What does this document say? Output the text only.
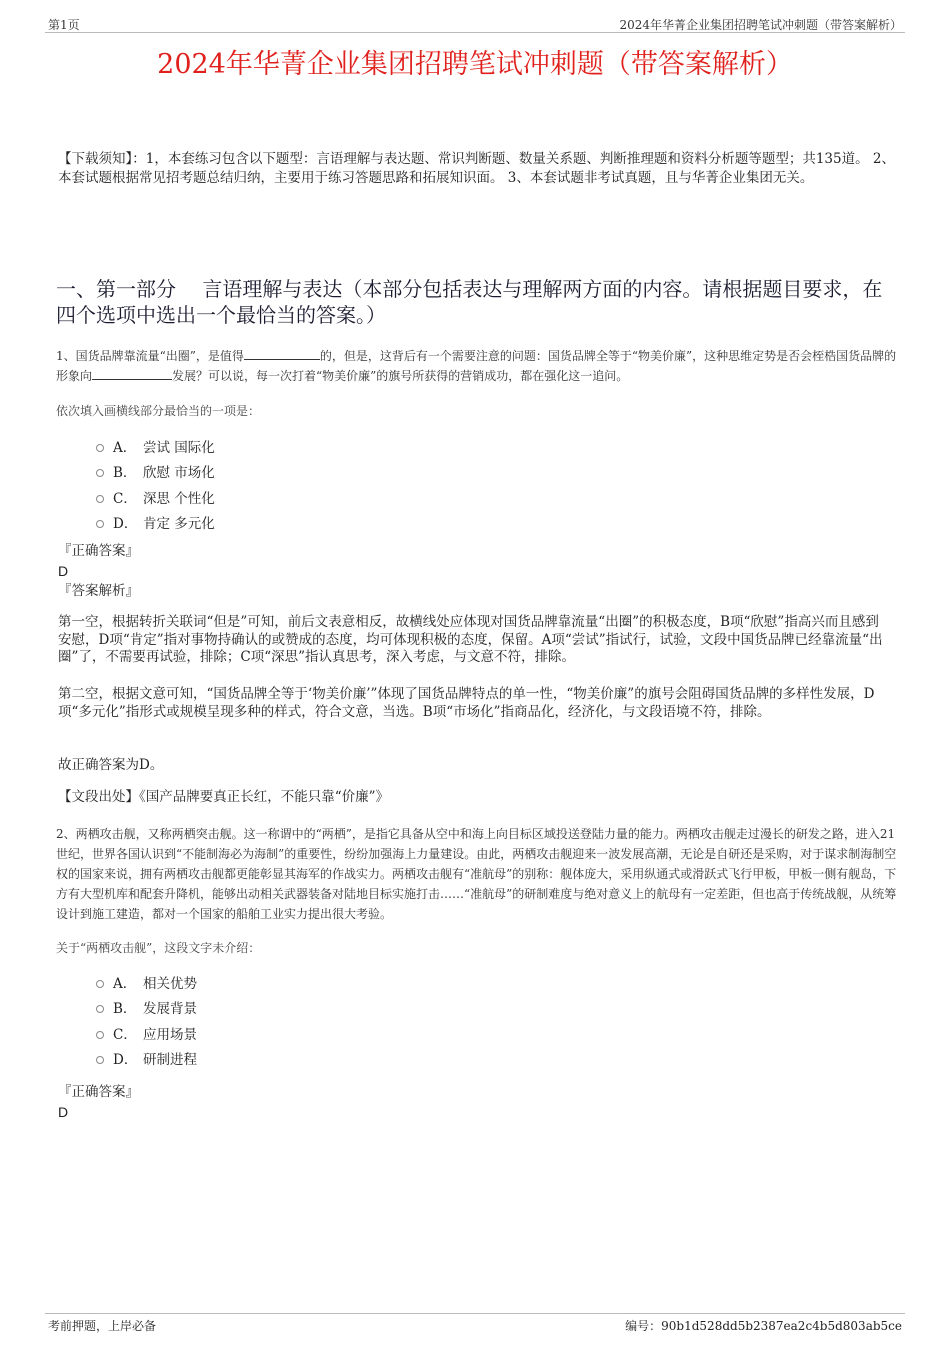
第1页	2024年华菁企业集团招聘笔试冲刺题（带答案解析）
2024年华菁企业集团招聘笔试冲刺题（带答案解析）
【下载须知】：1，本套练习包含以下题型：言语理解与表达题、常识判断题、数量关系题、判断推理题和资料分析题等题型；共135道。 2、本套试题根据常见招考题总结归纳，主要用于练习答题思路和拓展知识面。 3、本套试题非考试真题，且与华菁企业集团无关。
一、第一部分　 言语理解与表达（本部分包括表达与理解两方面的内容。请根据题目要求，在四个选项中选出一个最恰当的答案。）
1、国货品牌靠流量“出圈”，是值得	的，但是，这背后有一个需要注意的问题：国货品牌全等于“物美价廉”，这种思维定势是否会桎梏国货品牌的形象向	发展？可以说，每一次打着“物美价廉”的旗号所获得的营销成功，都在强化这一追问。
依次填入画横线部分最恰当的一项是：
A． 尝试 国际化
B． 欣慰 市场化
C． 深思 个性化
D． 肯定 多元化
『正确答案』
D
『答案解析』
第一空，根据转折关联词“但是”可知，前后文表意相反，故横线处应体现对国货品牌靠流量“出圈”的积极态度，B项“欣慰”指高兴而且感到安慰，D项“肯定”指对事物持确认的或赞成的态度，均可体现积极的态度，保留。A项“尝试”指试行，试验，文段中国货品牌已经靠流量“出圈”了，不需要再试验，排除；C项“深思”指认真思考，深入考虑，与文意不符，排除。
第二空，根据文意可知，“国货品牌全等于‘物美价廉’”体现了国货品牌特点的单一性，“物美价廉”的旗号会阻碍国货品牌的多样性发展，D项“多元化”指形式或规模呈现多种的样式，符合文意，当选。B项“市场化”指商品化，经济化，与文段语境不符，排除。
故正确答案为D。
【文段出处】《国产品牌要真正长红，不能只靠“价廉”》
2、两栖攻击舰，又称两栖突击舰。这一称谓中的“两栖”，是指它具备从空中和海上向目标区域投送登陆力量的能力。两栖攻击舰走过漫长的研发之路，进入21世纪，世界各国认识到“不能制海必为海制”的重要性，纷纷加强海上力量建设。由此，两栖攻击舰迎来一波发展高潮，无论是自研还是采购，对于谋求制海制空权的国家来说，拥有两栖攻击舰都更能彰显其海军的作战实力。两栖攻击舰有“准航母”的别称：舰体庞大，采用纵通式或滑跃式飞行甲板，甲板一侧有舰岛，下方有大型机库和配套升降机，能够出动相关武器装备对陆地目标实施打击……“准航母”的研制难度与绝对意义上的航母有一定差距，但也高于传统战舰，从统筹设计到施工建造，都对一个国家的船舶工业实力提出很大考验。
关于“两栖攻击舰”，这段文字未介绍：
A． 相关优势
B． 发展背景
C． 应用场景
D． 研制进程
『正确答案』
D
考前押题，上岸必备	编号：90b1d528dd5b2387ea2c4b5d803ab5ce
